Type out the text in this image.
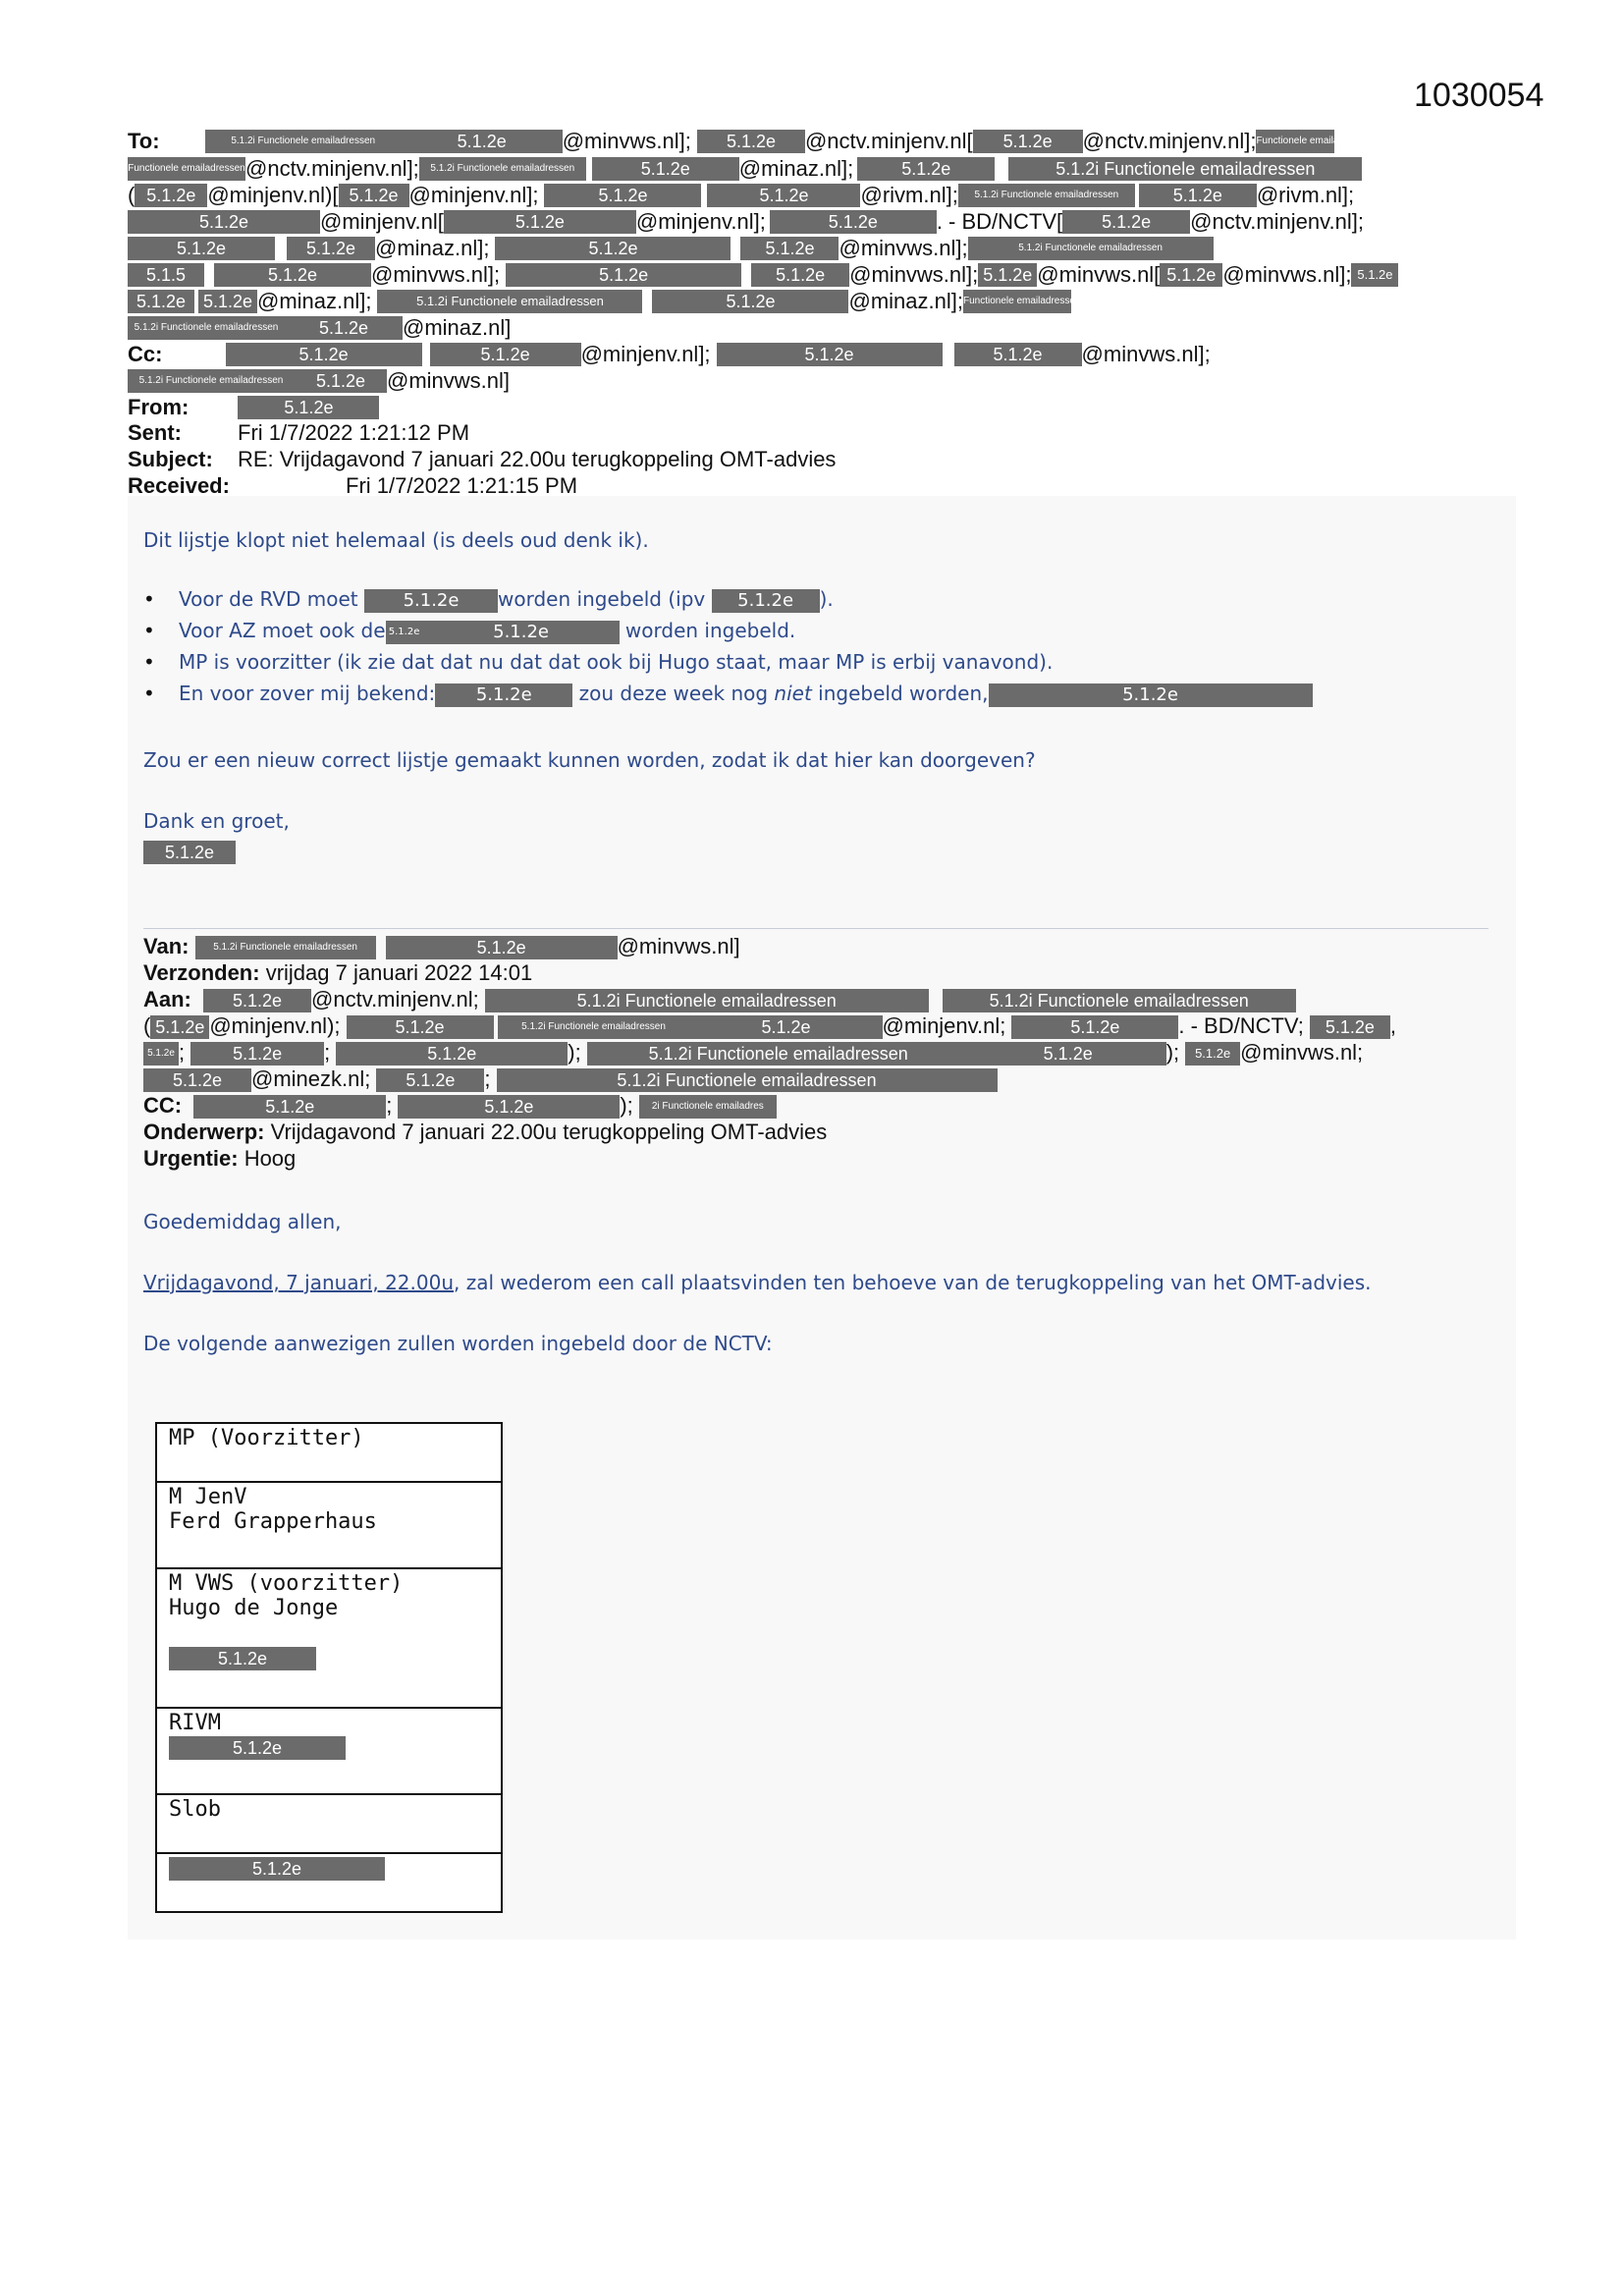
1030054
To:	5.1.2i Functionele emailadressen	5.1.2e	@minvws.nl]; 5.1.2e @nctv.minjenv.nl[ 5.1.2e @nctv.minjenv.nl];Functionele emailadressen
Functionele emailadressen@nctv.minjenv.nl]; 5.1.2i Functionele emailadressen	5.1.2e @minaz.nl];	5.1.2e	5.1.2i Functionele emailadressen
( 5.1.2e @minjenv.nl)[ 5.1.2e @minjenv.nl];	5.1.2e	5.1.2e @rivm.nl]; 5.1.2i Functionele emailadressen	5.1.2e @rivm.nl];
5.1.2e	@minjenv.nl[	5.1.2e	@minjenv.nl];	5.1.2e	. - BD/NCTV[ 5.1.2e @nctv.minjenv.nl];
5.1.2e	5.1.2e @minaz.nl];	5.1.2e	5.1.2e @minvws.nl];	5.1.2i Functionele emailadressen
5.1.5	5.1.2e @minvws.nl];	5.1.2e	5.1.2e @minvws.nl]; 5.1.2e @minvws.nl[ 5.1.2e @minvws.nl]; 5.1.2e
5.1.2e 5.1.2e @minaz.nl];	5.1.2i Functionele emailadressen	5.1.2e	@minaz.nl];Functionele emailadressen
5.1.2i Functionele emailadressen 5.1.2e @minaz.nl]
Cc:	5.1.2e	5.1.2e @minjenv.nl];	5.1.2e	5.1.2e @minvws.nl];
5.1.2i Functionele emailadressen 5.1.2e @minvws.nl]
From:	5.1.2e
Sent:	Fri 1/7/2022 1:21:12 PM
Subject: RE: Vrijdagavond 7 januari 22.00u terugkoppeling OMT-advies
Received:	Fri 1/7/2022 1:21:15 PM
Dit lijstje klopt niet helemaal (is deels oud denk ik).
• Voor de RVD moet	5.1.2e worden ingebeld (ipv 5.1.2e ).
• Voor AZ moet ook de 5.1.2e	5.1.2e	worden ingebeld.
• MP is voorzitter (ik zie dat dat nu dat dat ook bij Hugo staat, maar MP is erbij vanavond).
• En voor zover mij bekend: 5.1.2e zou deze week nog niet ingebeld worden,	5.1.2e
Zou er een nieuw correct lijstje gemaakt kunnen worden, zodat ik dat hier kan doorgeven?
Dank en groet,
5.1.2e
Van: 5.1.2i Functionele emailadressen	5.1.2e	@minvws.nl]
Verzonden: vrijdag 7 januari 2022 14:01
Aan: 5.1.2e @nctv.minjenv.nl;	5.1.2i Functionele emailadressen	5.1.2i Functionele emailadressen
( 5.1.2e @minjenv.nl);	5.1.2e	5.1.2i Functionele emailadressen	5.1.2e	@minjenv.nl;	5.1.2e	. - BD/NCTV; 5.1.2e ,
5.1.2e ;	5.1.2e ;	5.1.2e	);	5.1.2i Functionele emailadressen	5.1.2e	); 5.1.2e @minvws.nl;
5.1.2e @minezk.nl; 5.1.2e ;	5.1.2i Functionele emailadressen
CC:	5.1.2e	;	5.1.2e	); 2i Functionele emailadres
Onderwerp: Vrijdagavond 7 januari 22.00u terugkoppeling OMT-advies
Urgentie: Hoog
Goedemiddag allen,
Vrijdagavond, 7 januari, 22.00u, zal wederom een call plaatsvinden ten behoeve van de terugkoppeling van het OMT-advies.
De volgende aanwezigen zullen worden ingebeld door de NCTV:
MP (Voorzitter)

M JenV
Ferd Grapperhaus

M VWS (voorzitter)
Hugo de Jonge
5.1.2e

RIVM
5.1.2e

Slob

5.1.2e
